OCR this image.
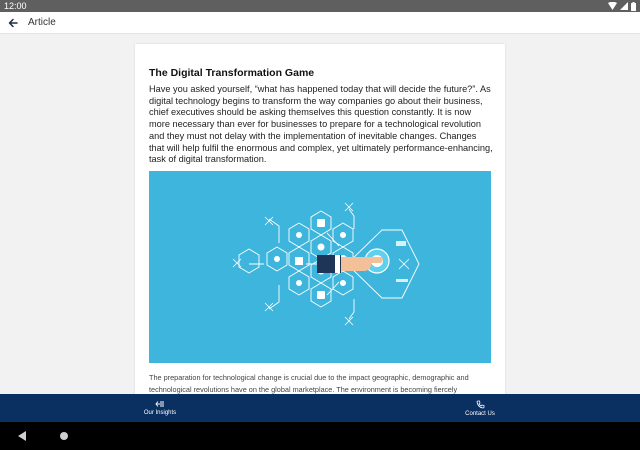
12:00
Article
The Digital Transformation Game

Have you asked yourself, “what has happened today that will decide the future?”. As digital technology begins to transform the way companies go about their business, chief executives should be asking themselves this question constantly. It is now more necessary than ever for businesses to prepare for a technological revolution and they must not delay with the implementation of inevitable changes. Changes that will help fulfil the enormous and complex, yet ultimately performance-enhancing, task of digital transformation.

The preparation for technological change is crucial due to the impact geographic, demographic and technological revolutions have on the global marketplace. The environment is becoming fiercely

Our Insights	Contact Us
